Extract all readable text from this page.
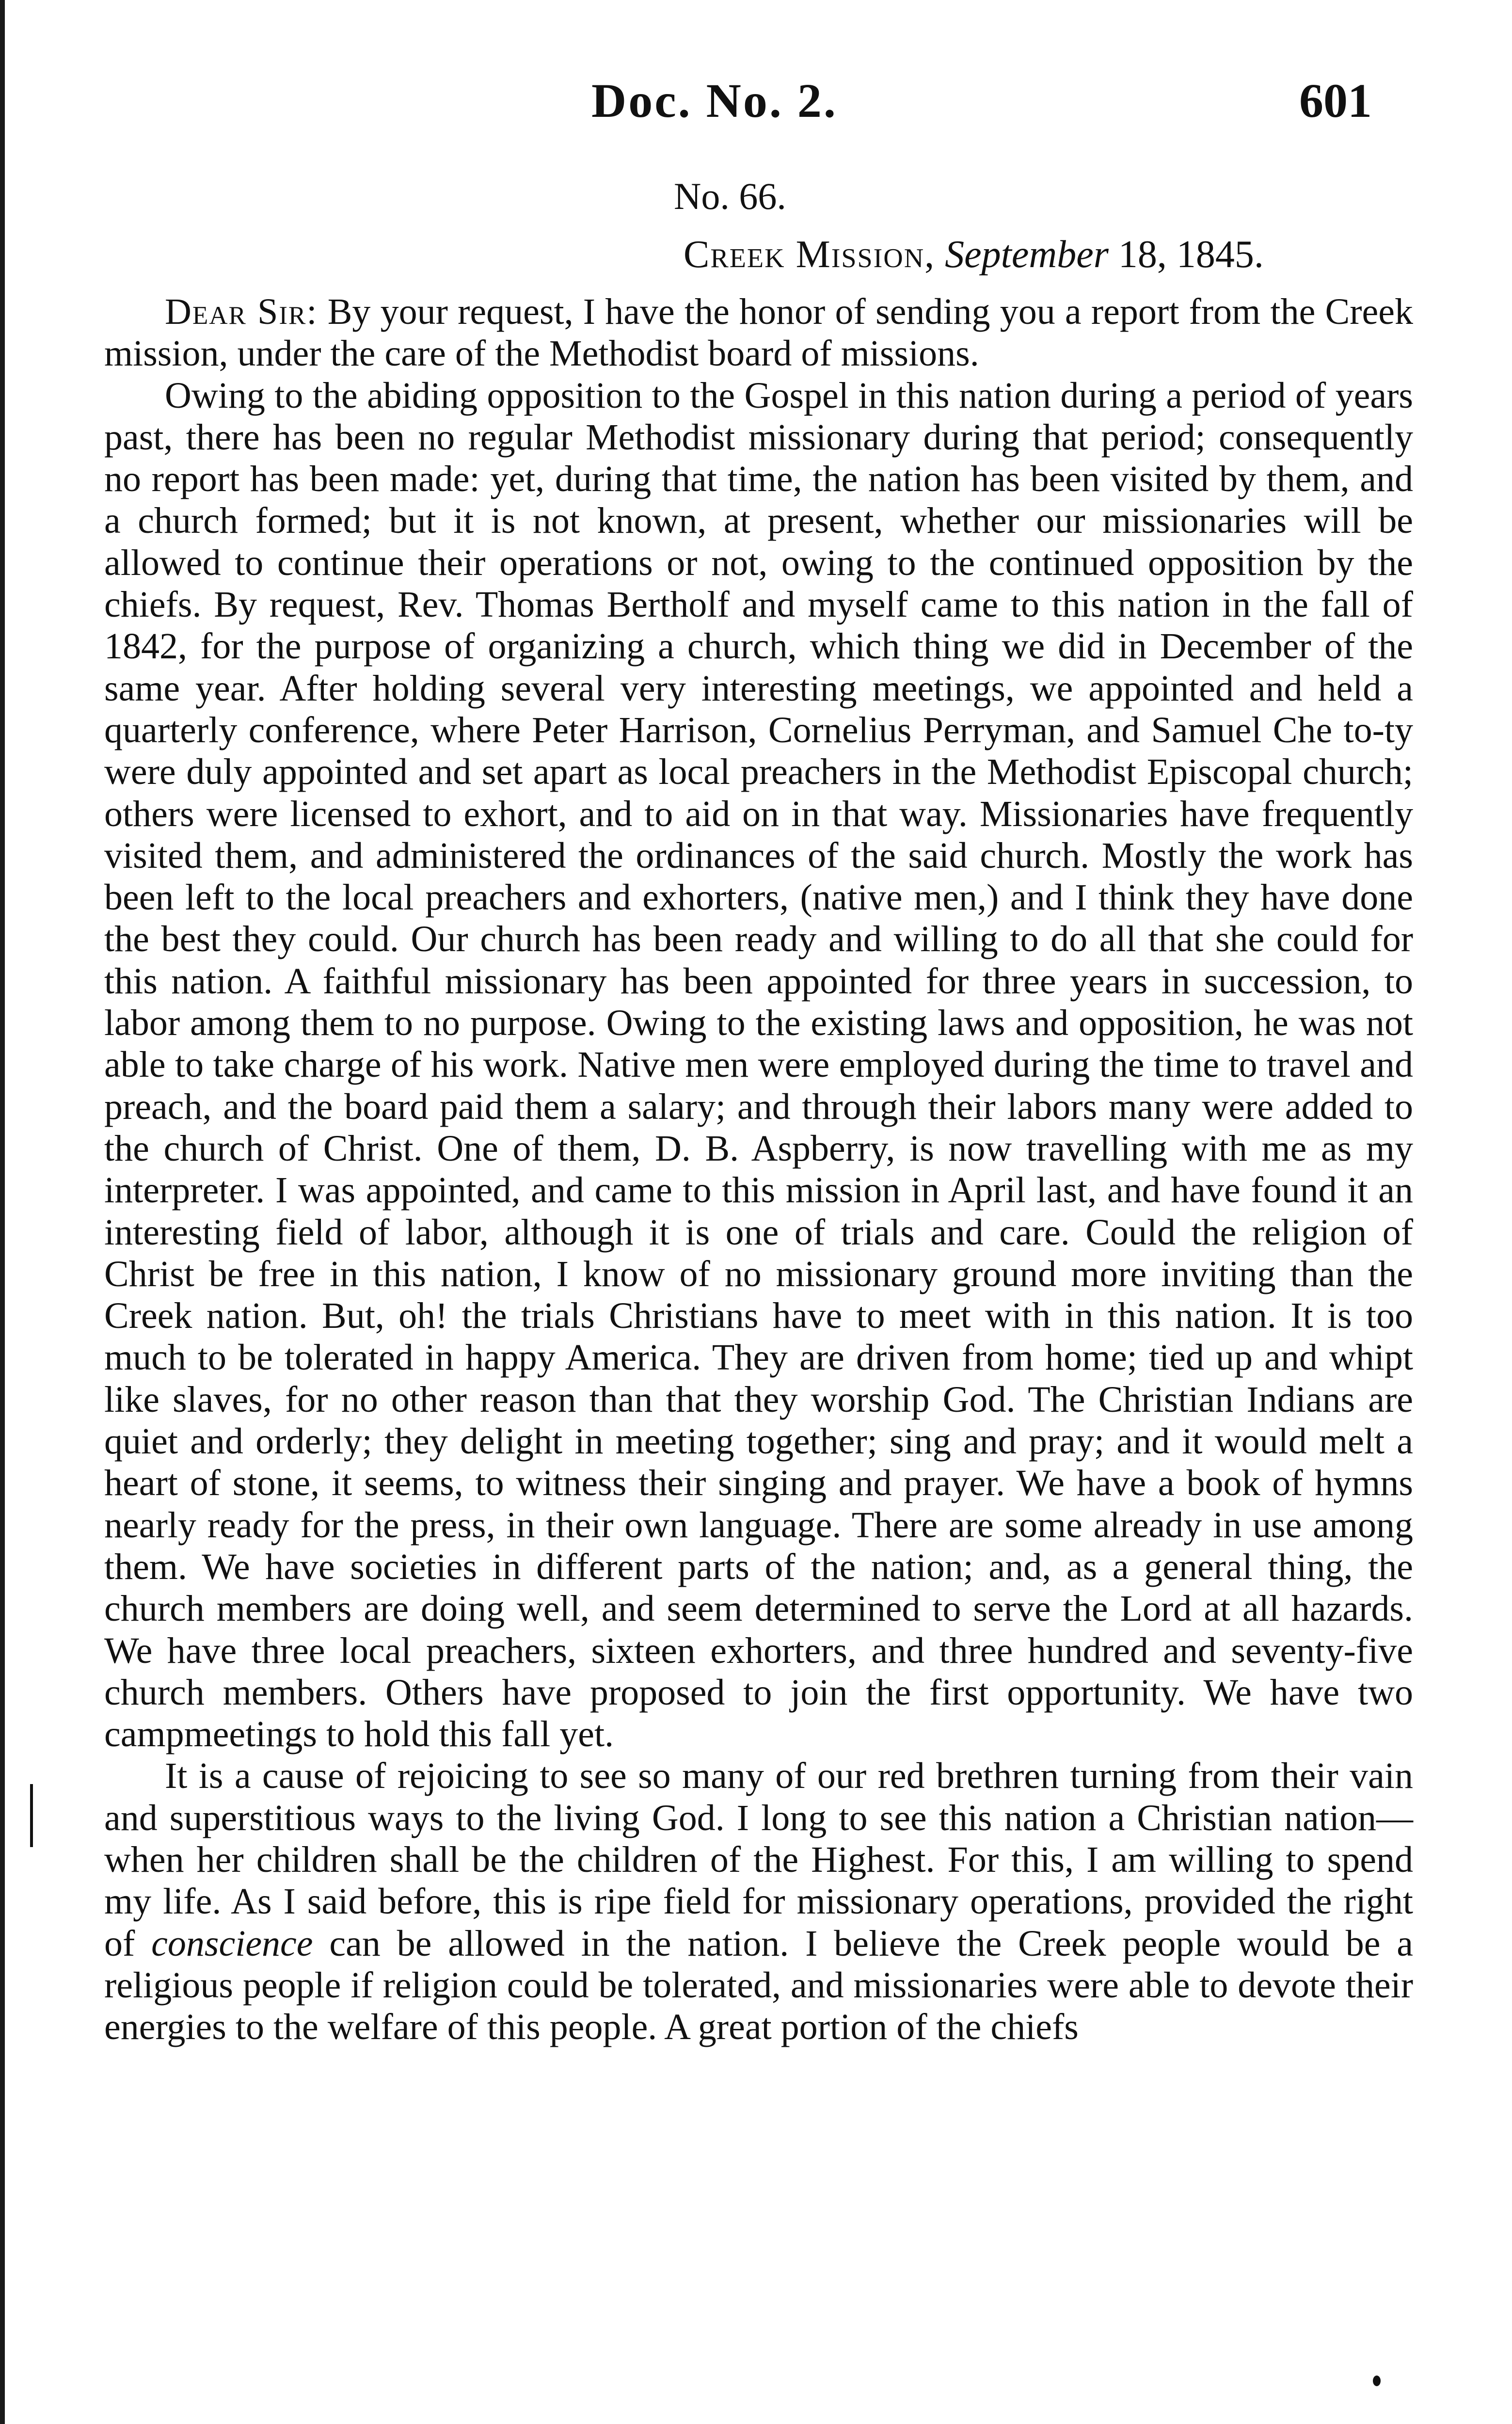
Doc. No. 2.	601
No. 66.
Creek Mission, September 18, 1845.

Dear Sir: By your request, I have the honor of sending you a report from the Creek mission, under the care of the Methodist board of missions.

Owing to the abiding opposition to the Gospel in this nation during a period of years past, there has been no regular Methodist missionary during that period; consequently no report has been made: yet, during that time, the nation has been visited by them, and a church formed; but it is not known, at present, whether our missionaries will be allowed to continue their operations or not, owing to the continued opposition by the chiefs. By request, Rev. Thomas Bertholf and myself came to this nation in the fall of 1842, for the purpose of organizing a church, which thing we did in December of the same year. After holding several very interesting meetings, we appointed and held a quarterly conference, where Peter Harrison, Cornelius Perryman, and Samuel Che to-ty were duly appointed and set apart as local preachers in the Methodist Episcopal church; others were licensed to exhort, and to aid on in that way. Missionaries have frequently visited them, and administered the ordinances of the said church. Mostly the work has been left to the local preachers and exhorters, (native men,) and I think they have done the best they could. Our church has been ready and willing to do all that she could for this nation. A faithful missionary has been appointed for three years in succession, to labor among them to no purpose. Owing to the existing laws and opposition, he was not able to take charge of his work. Native men were employed during the time to travel and preach, and the board paid them a salary; and through their labors many were added to the church of Christ. One of them, D. B. Aspberry, is now travelling with me as my interpreter. I was appointed, and came to this mission in April last, and have found it an interesting field of labor, although it is one of trials and care. Could the religion of Christ be free in this nation, I know of no missionary ground more inviting than the Creek nation. But, oh! the trials Christians have to meet with in this nation. It is too much to be tolerated in happy America. They are driven from home; tied up and whipt like slaves, for no other reason than that they worship God. The Christian Indians are quiet and orderly; they delight in meeting together; sing and pray; and it would melt a heart of stone, it seems, to witness their singing and prayer. We have a book of hymns nearly ready for the press, in their own language. There are some already in use among them. We have societies in different parts of the nation; and, as a general thing, the church members are doing well, and seem determined to serve the Lord at all hazards. We have three local preachers, sixteen exhorters, and three hundred and seventy-five church members. Others have proposed to join the first opportunity. We have two campmeetings to hold this fall yet.

It is a cause of rejoicing to see so many of our red brethren turning from their vain and superstitious ways to the living God. I long to see this nation a Christian nation—when her children shall be the children of the Highest. For this, I am willing to spend my life. As I said before, this is ripe field for missionary operations, provided the right of conscience can be allowed in the nation. I believe the Creek people would be a religious people if religion could be tolerated, and missionaries were able to devote their energies to the welfare of this people. A great portion of the chiefs
